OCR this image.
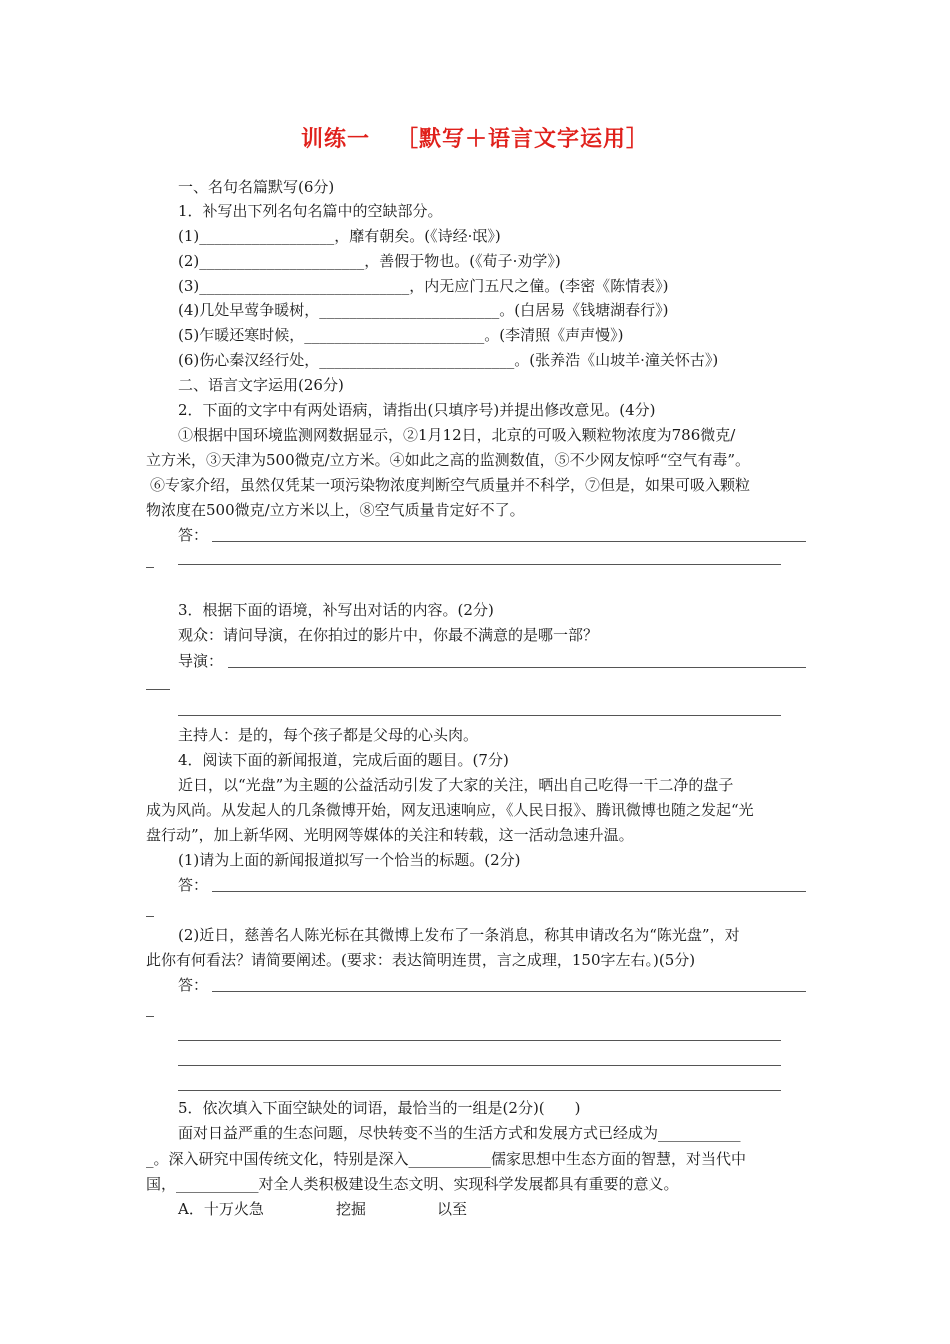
训练一 ［默写＋语言文字运用］
一、名句名篇默写(6分)
1．补写出下列名句名篇中的空缺部分。
(1)__________________，靡有朝矣。(《诗经·氓》)
(2)______________________，善假于物也。(《荀子·劝学》)
(3)____________________________，内无应门五尺之僮。(李密《陈情表》)
(4)几处早莺争暖树，________________________。(白居易《钱塘湖春行》)
(5)乍暖还寒时候，________________________。(李清照《声声慢》)
(6)伤心秦汉经行处，__________________________。(张养浩《山坡羊·潼关怀古》)
二、语言文字运用(26分)
2．下面的文字中有两处语病，请指出(只填序号)并提出修改意见。(4分)
①根据中国环境监测网数据显示，②1月12日，北京的可吸入颗粒物浓度为786微克/
立方米，③天津为500微克/立方米。④如此之高的监测数值，⑤不少网友惊呼“空气有毒”。
⑥专家介绍，虽然仅凭某一项污染物浓度判断空气质量并不科学，⑦但是，如果可吸入颗粒
物浓度在500微克/立方米以上，⑧空气质量肯定好不了。
答：
3．根据下面的语境，补写出对话的内容。(2分)
观众：请问导演，在你拍过的影片中，你最不满意的是哪一部？
导演：
主持人：是的，每个孩子都是父母的心头肉。
4．阅读下面的新闻报道，完成后面的题目。(7分)
近日，以“光盘”为主题的公益活动引发了大家的关注，晒出自己吃得一干二净的盘子
成为风尚。从发起人的几条微博开始，网友迅速响应，《人民日报》、腾讯微博也随之发起“光
盘行动”，加上新华网、光明网等媒体的关注和转载，这一活动急速升温。
(1)请为上面的新闻报道拟写一个恰当的标题。(2分)
答：
(2)近日，慈善名人陈光标在其微博上发布了一条消息，称其申请改名为“陈光盘”，对
此你有何看法？请简要阐述。(要求：表达简明连贯，言之成理，150字左右。)(5分)
答：
5．依次填入下面空缺处的词语，最恰当的一组是(2分)(　　)
面对日益严重的生态问题，尽快转变不当的生活方式和发展方式已经成为___________
_。深入研究中国传统文化，特别是深入___________儒家思想中生态方面的智慧，对当代中
国，___________对全人类积极建设生态文明、实现科学发展都具有重要的意义。
A．十万火急	挖掘	以至
